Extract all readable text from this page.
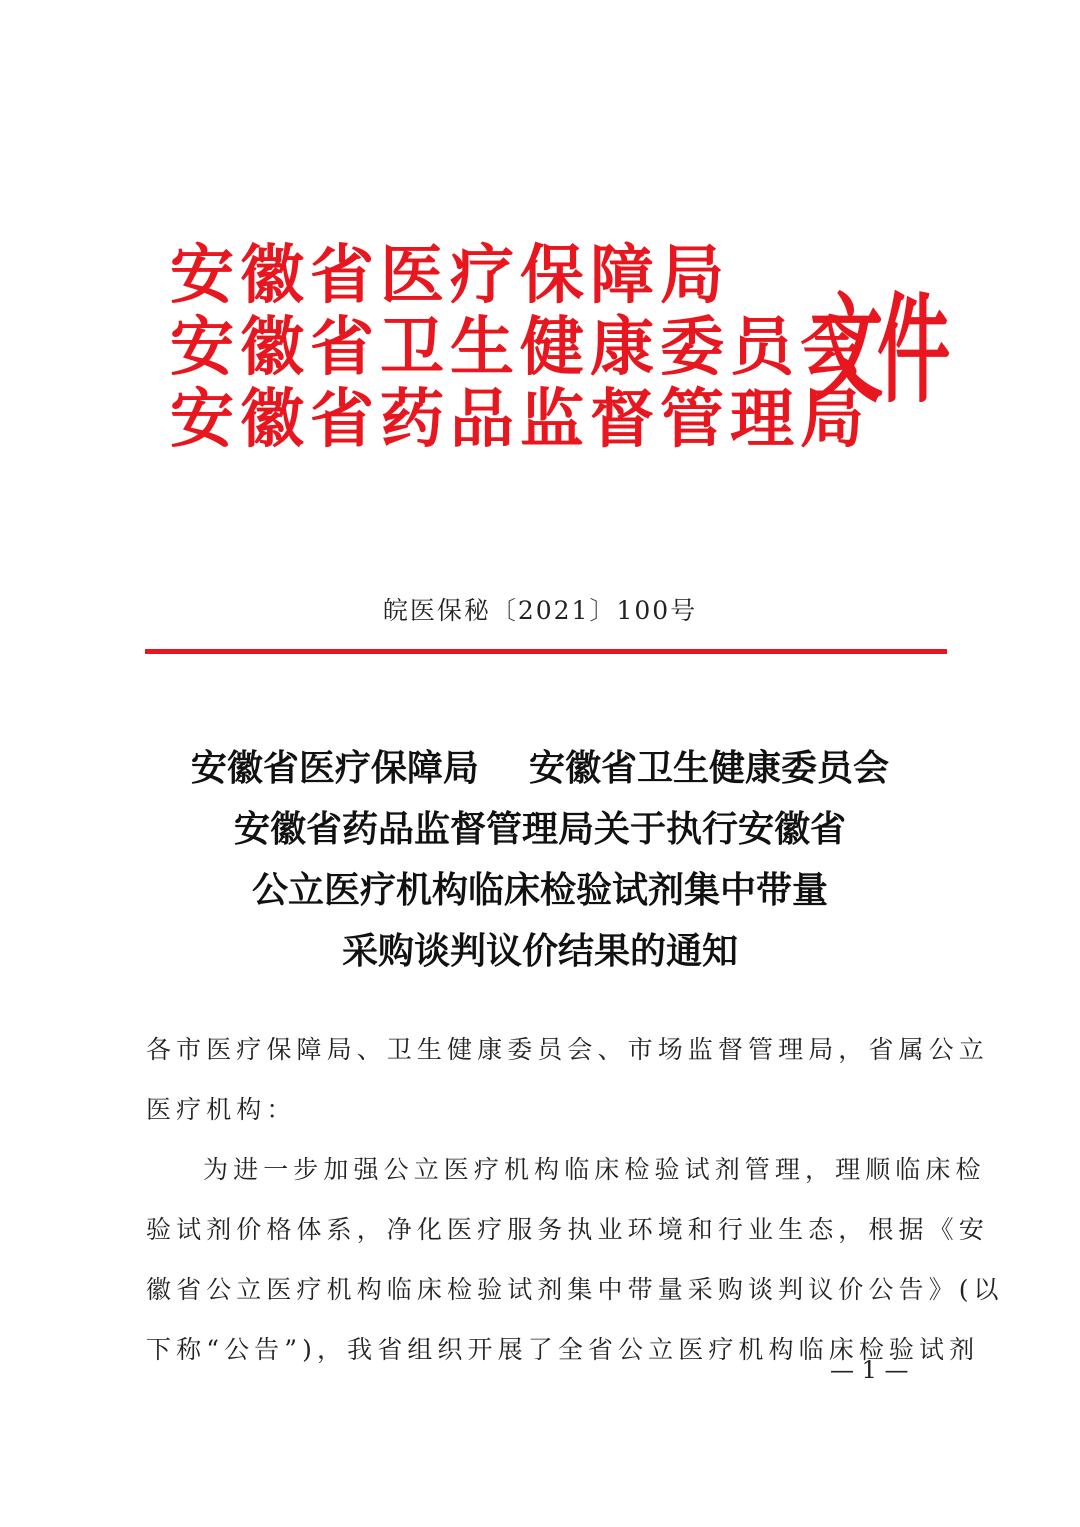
安徽省医疗保障局
安徽省卫生健康委员会
安徽省药品监督管理局
文件
皖医保秘〔2021〕100号
安徽省医疗保障局    安徽省卫生健康委员会
安徽省药品监督管理局关于执行安徽省
公立医疗机构临床检验试剂集中带量
采购谈判议价结果的通知
各市医疗保障局、卫生健康委员会、市场监督管理局，省属公立
医疗机构：
为进一步加强公立医疗机构临床检验试剂管理，理顺临床检
验试剂价格体系，净化医疗服务执业环境和行业生态，根据《安
徽省公立医疗机构临床检验试剂集中带量采购谈判议价公告》(以
下称“公告”)，我省组织开展了全省公立医疗机构临床检验试剂
— 1 —
